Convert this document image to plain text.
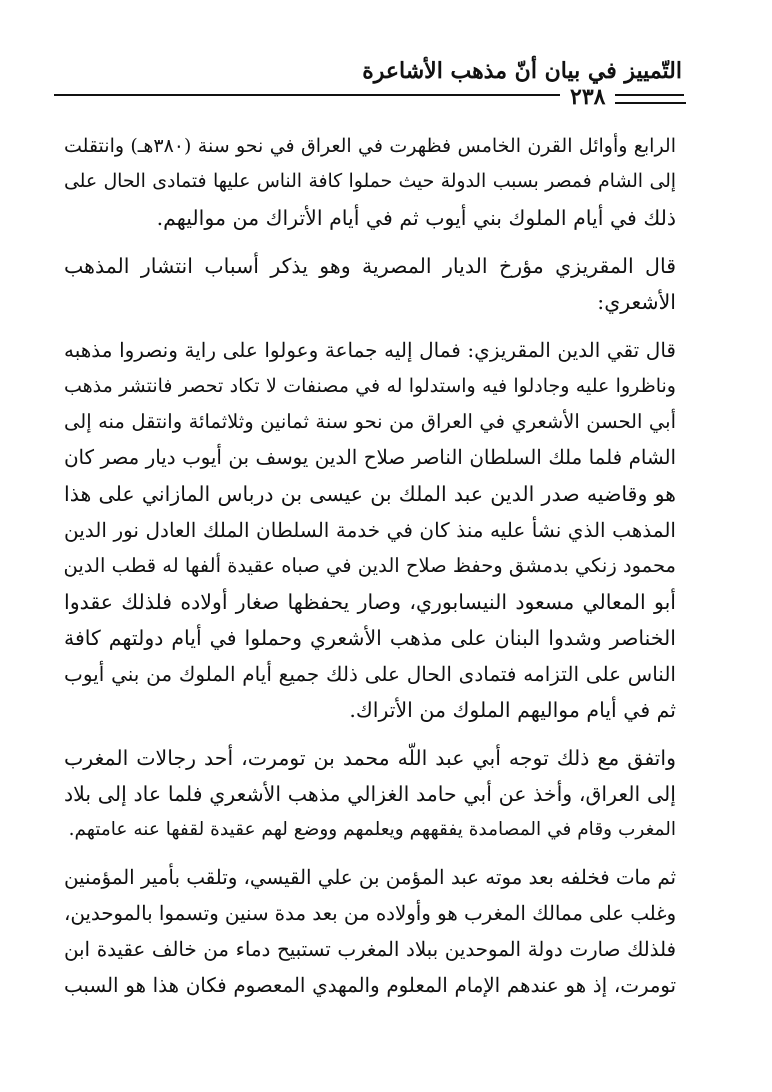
التّمييز في بيان أنّ مذهب الأشاعرة
٢٣٨
الرابع وأوائل القرن الخامس فظهرت في العراق في نحو سنة (٣٨٠هـ) وانتقلت
إلى الشام فمصر بسبب الدولة حيث حملوا كافة الناس عليها فتمادى الحال على
ذلك في أيام الملوك بني أيوب ثم في أيام الأتراك من مواليهم.
قال المقريزي مؤرخ الديار المصرية وهو يذكر أسباب انتشار المذهب
الأشعري:
قال تقي الدين المقريزي: فمال إليه جماعة وعولوا على راية ونصروا مذهبه
وناظروا عليه وجادلوا فيه واستدلوا له في مصنفات لا تكاد تحصر فانتشر مذهب
أبي الحسن الأشعري في العراق من نحو سنة ثمانين وثلاثمائة وانتقل منه إلى
الشام فلما ملك السلطان الناصر صلاح الدين يوسف بن أيوب ديار مصر كان
هو وقاضيه صدر الدين عبد الملك بن عيسى بن درباس المازاني على هذا
المذهب الذي نشأ عليه منذ كان في خدمة السلطان الملك العادل نور الدين
محمود زنكي بدمشق وحفظ صلاح الدين في صباه عقيدة ألفها له قطب الدين
أبو المعالي مسعود النيسابوري، وصار يحفظها صغار أولاده فلذلك عقدوا
الخناصر وشدوا البنان على مذهب الأشعري وحملوا في أيام دولتهم كافة
الناس على التزامه فتمادى الحال على ذلك جميع أيام الملوك من بني أيوب
ثم في أيام مواليهم الملوك من الأتراك.
واتفق مع ذلك توجه أبي عبد اللّه محمد بن تومرت، أحد رجالات المغرب
إلى العراق، وأخذ عن أبي حامد الغزالي مذهب الأشعري فلما عاد إلى بلاد
المغرب وقام في المصامدة يفقههم ويعلمهم ووضع لهم عقيدة لقفها عنه عامتهم.
ثم مات فخلفه بعد موته عبد المؤمن بن علي القيسي، وتلقب بأمير المؤمنين
وغلب على ممالك المغرب هو وأولاده من بعد مدة سنين وتسموا بالموحدين،
فلذلك صارت دولة الموحدين ببلاد المغرب تستبيح دماء من خالف عقيدة ابن
تومرت، إذ هو عندهم الإمام المعلوم والمهدي المعصوم فكان هذا هو السبب
